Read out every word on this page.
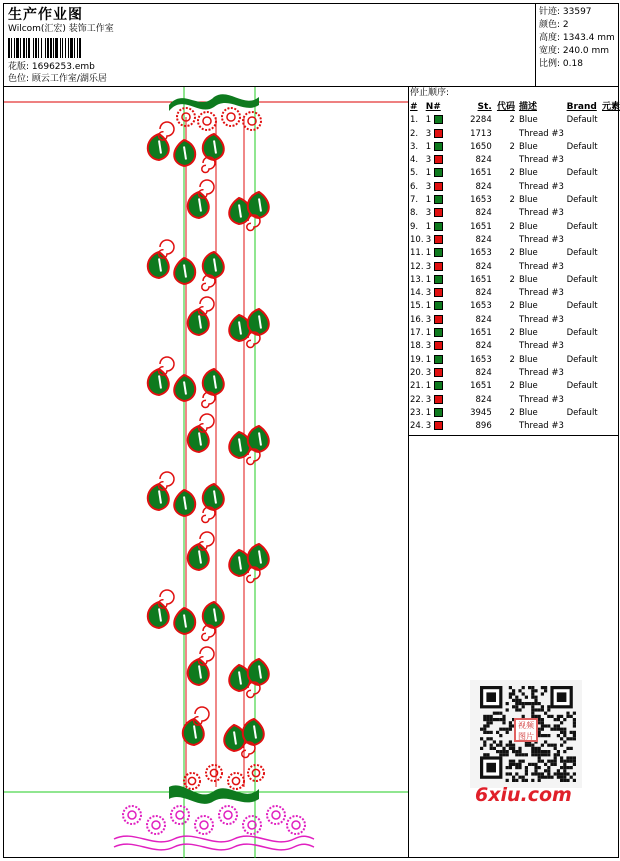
生产作业图
Wilcom(汇宏) 装饰工作室
花版: 1696253.emb
色位: 顾云工作室/湖乐居
针迹: 33597
颜色: 2
高度: 1343.4 mm
宽度: 240.0 mm
比例: 0.18
停止顺序:
#	N#	St.	代码	描述	Brand	元素
1.	1	2284	2	Blue	Default	
2.	3	1713		Thread #3		
3.	1	1650	2	Blue	Default	
4.	3	824		Thread #3		
5.	1	1651	2	Blue	Default	
6.	3	824		Thread #3		
7.	1	1653	2	Blue	Default	
8.	3	824		Thread #3		
9.	1	1651	2	Blue	Default	
10.	3	824		Thread #3		
11.	1	1653	2	Blue	Default	
12.	3	824		Thread #3		
13.	1	1651	2	Blue	Default	
14.	3	824		Thread #3		
15.	1	1653	2	Blue	Default	
16.	3	824		Thread #3		
17.	1	1651	2	Blue	Default	
18.	3	824		Thread #3		
19.	1	1653	2	Blue	Default	
20.	3	824		Thread #3		
21.	1	1651	2	Blue	Default	
22.	3	824		Thread #3		
23.	1	3945	2	Blue	Default	
24.	3	896		Thread #3		
视频图片
6xiu.com
